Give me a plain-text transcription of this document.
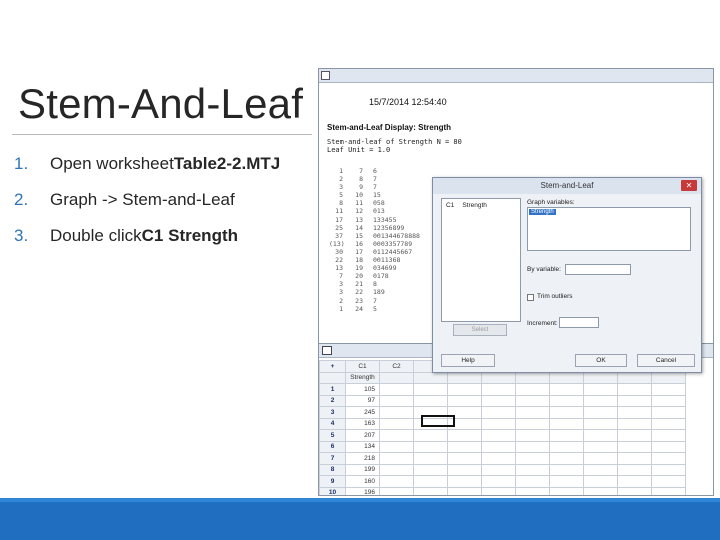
Stem-And-Leaf
1.	Open worksheet Table2-2.MTJ
2.	Graph -> Stem-and-Leaf
3.	Double click C1 Strength
15/7/2014 12:54:40
Stem-and-Leaf Display: Strength
Stem-and-leaf of Strength N = 80
Leaf Unit = 1.0
1	7 6
2	8 7
3	9 7
5	10 15
8	11 058
11	12 013
17	13 133455
25	14 12356899
37	15 001344678888
(13)	16 0003357789
30	17 0112445667
22	18 0011368
13	19 034699
7	20 0178
3	21 8
3	22 189
2	23 7
1	24 5
+	C1	C2								
	Strength									
1	105									
2	97									
3	245									
4	163									
5	207									
6	134									
7	218									
8	199									
9	160									
10	196									
Stem-and-Leaf	✕
C1 Strength
Select
Graph variables:
Strength
By variable:
Trim outliers
Increment:
Help	OK	Cancel
